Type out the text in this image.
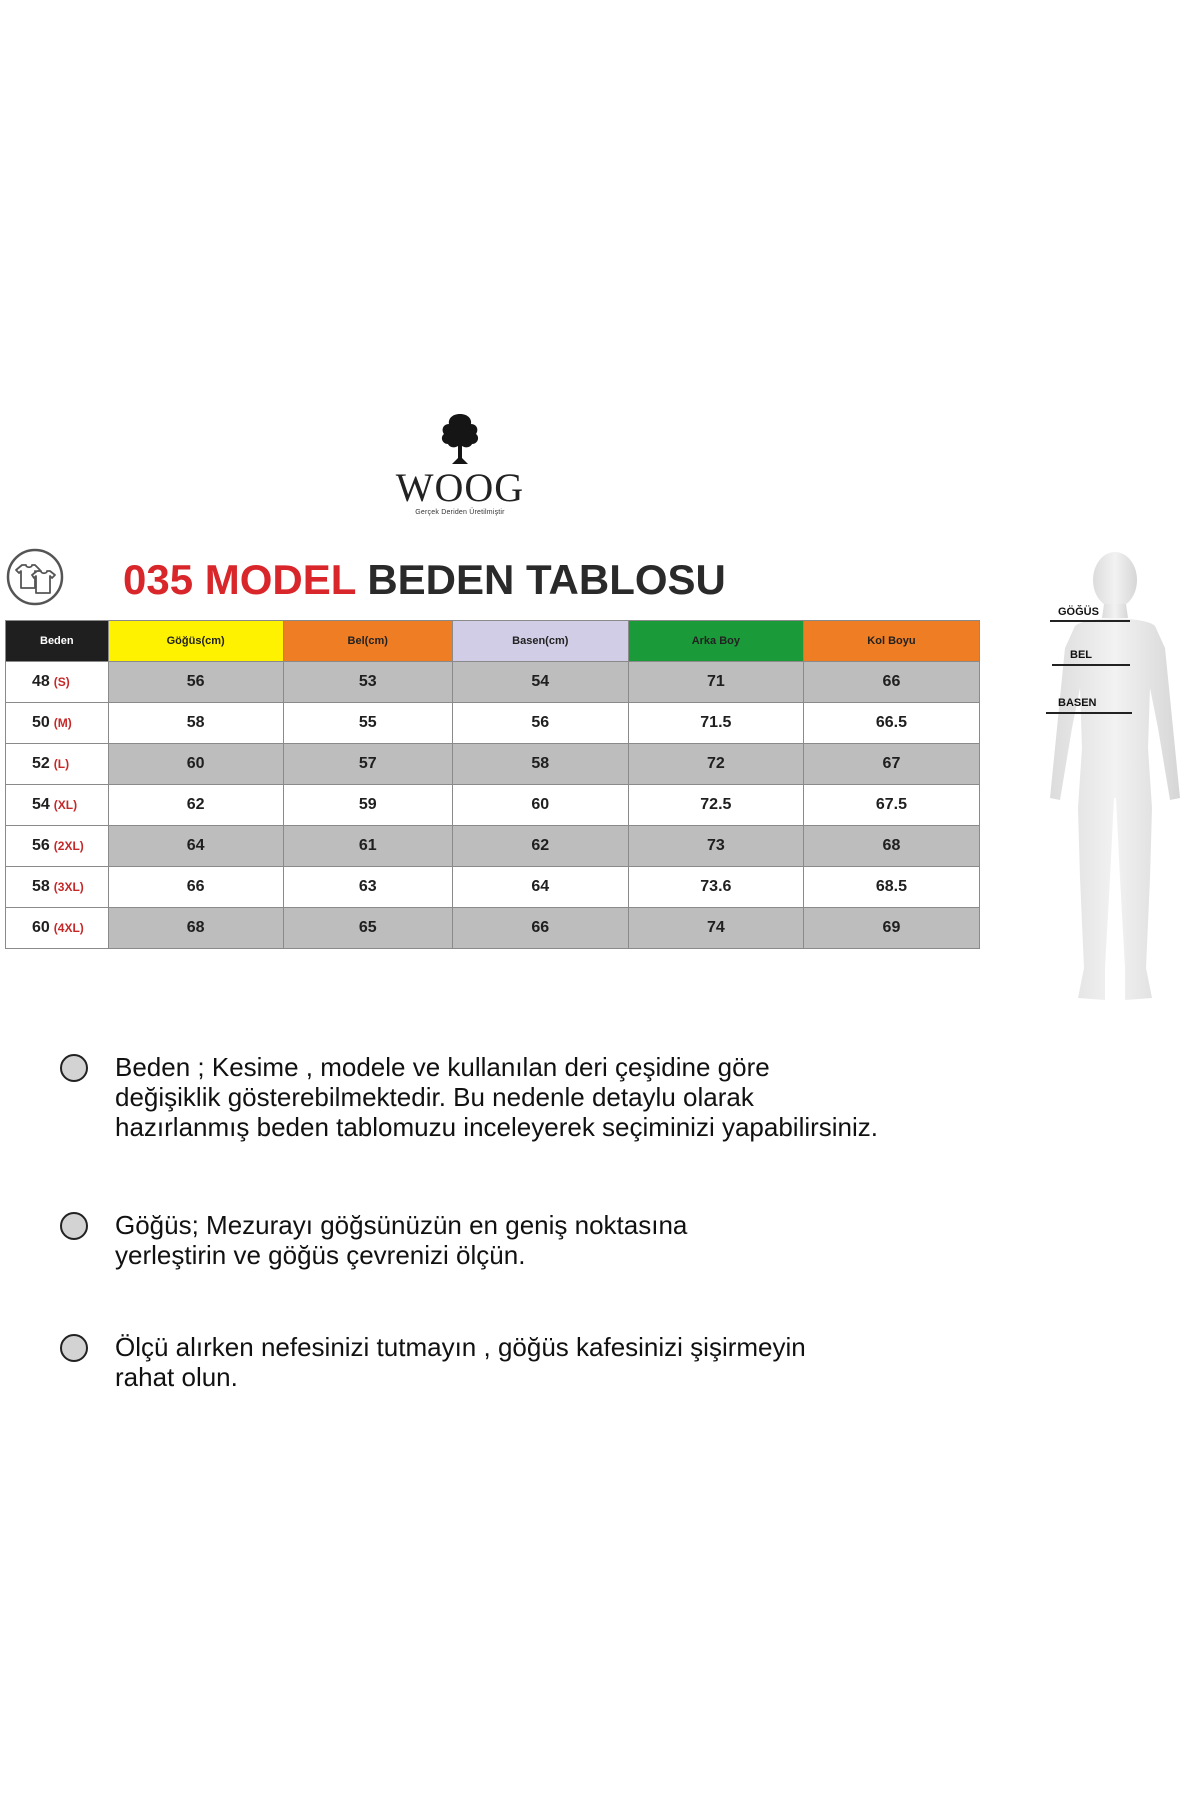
WOOG
Gerçek Deriden Üretilmiştir
035 MODEL BEDEN TABLOSU
Beden	Göğüs(cm)	Bel(cm)	Basen(cm)	Arka Boy	Kol Boyu
48 (S)	56	53	54	71	66
50 (M)	58	55	56	71.5	66.5
52 (L)	60	57	58	72	67
54 (XL)	62	59	60	72.5	67.5
56 (2XL)	64	61	62	73	68
58 (3XL)	66	63	64	73.6	68.5
60 (4XL)	68	65	66	74	69
GÖĞÜS
BEL
BASEN
Beden ; Kesime , modele ve kullanılan deri çeşidine göre
değişiklik gösterebilmektedir. Bu nedenle detaylu olarak
hazırlanmış beden tablomuzu inceleyerek seçiminizi yapabilirsiniz.
Göğüs; Mezurayı göğsünüzün en geniş noktasına
yerleştirin ve göğüs çevrenizi ölçün.
Ölçü alırken nefesinizi tutmayın , göğüs kafesinizi şişirmeyin
rahat olun.
